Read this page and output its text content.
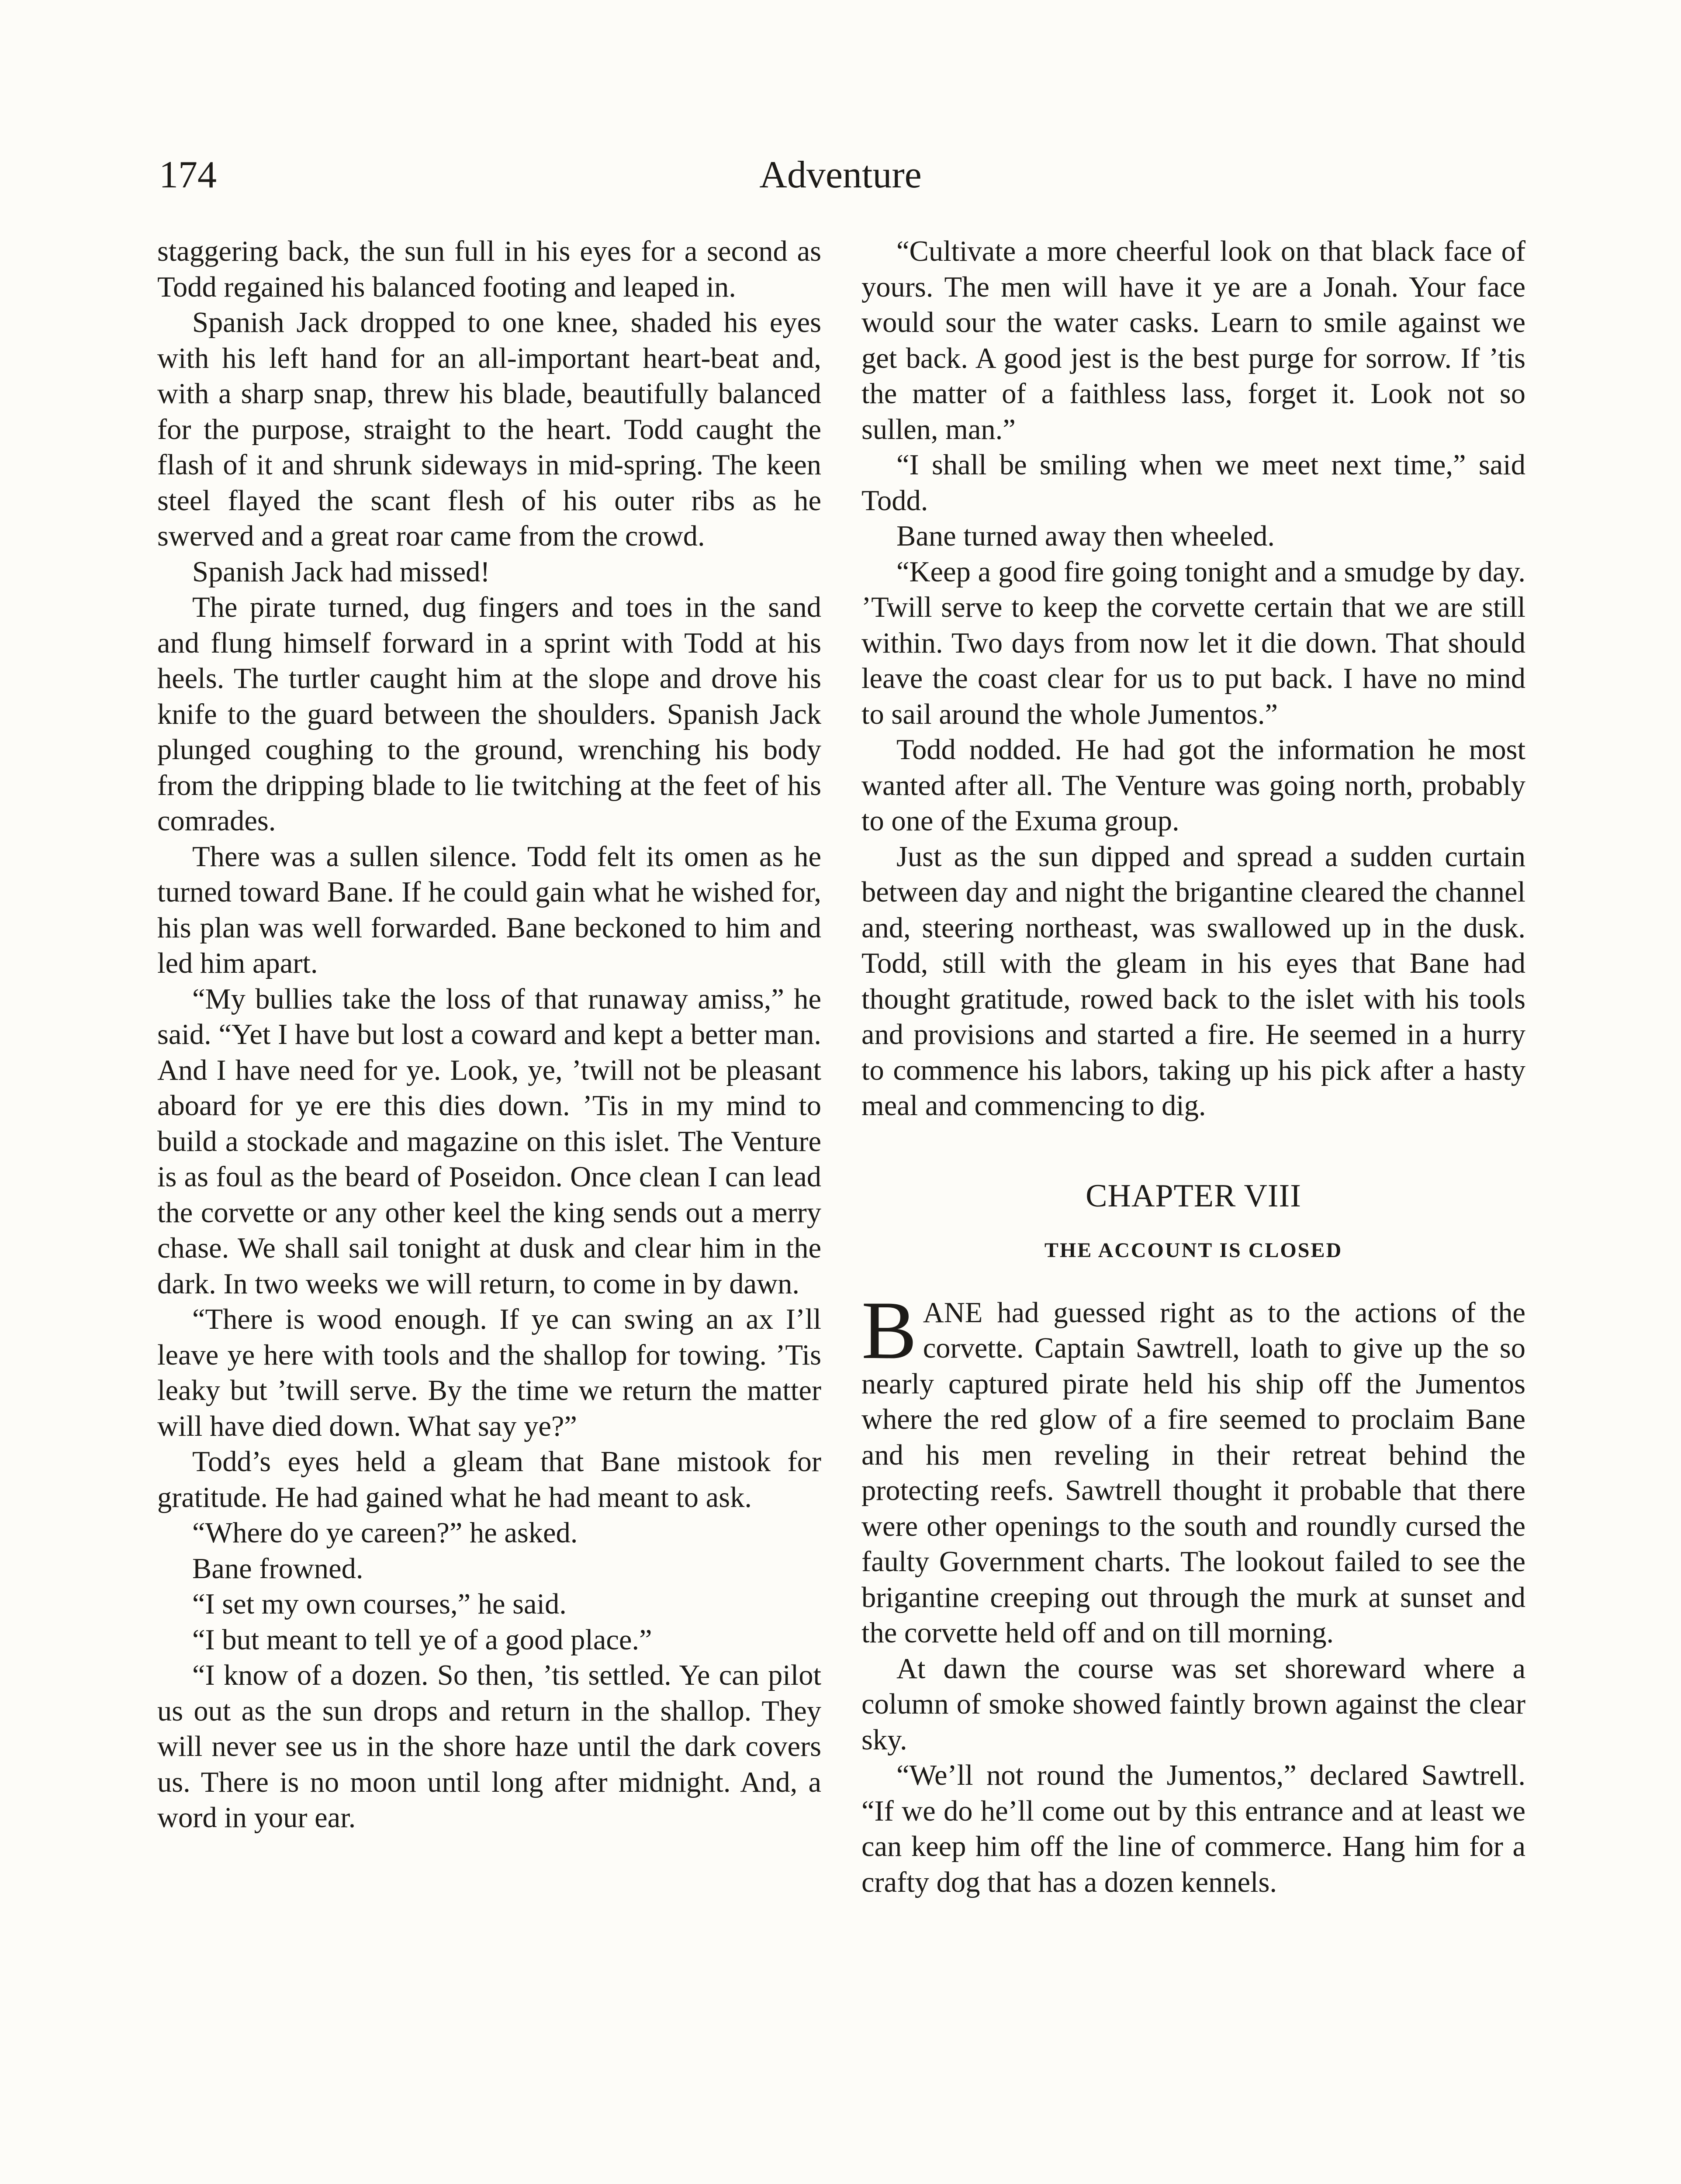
174	Adventure

staggering back, the sun full in his eyes for a second as Todd regained his balanced footing and leaped in.

Spanish Jack dropped to one knee, shaded his eyes with his left hand for an all-important heart-beat and, with a sharp snap, threw his blade, beautifully balanced for the purpose, straight to the heart. Todd caught the flash of it and shrunk sideways in mid-spring. The keen steel flayed the scant flesh of his outer ribs as he swerved and a great roar came from the crowd.

Spanish Jack had missed!

The pirate turned, dug fingers and toes in the sand and flung himself forward in a sprint with Todd at his heels. The turtler caught him at the slope and drove his knife to the guard between the shoulders. Spanish Jack plunged coughing to the ground, wrenching his body from the dripping blade to lie twitching at the feet of his comrades.

There was a sullen silence. Todd felt its omen as he turned toward Bane. If he could gain what he wished for, his plan was well forwarded. Bane beckoned to him and led him apart.

“My bullies take the loss of that runaway amiss,” he said. “Yet I have but lost a coward and kept a better man. And I have need for ye. Look, ye, ’twill not be pleasant aboard for ye ere this dies down. ’Tis in my mind to build a stockade and magazine on this islet. The Venture is as foul as the beard of Poseidon. Once clean I can lead the corvette or any other keel the king sends out a merry chase. We shall sail tonight at dusk and clear him in the dark. In two weeks we will return, to come in by dawn.

“There is wood enough. If ye can swing an ax I’ll leave ye here with tools and the shallop for towing. ’Tis leaky but ’twill serve. By the time we return the matter will have died down. What say ye?”

Todd’s eyes held a gleam that Bane mistook for gratitude. He had gained what he had meant to ask.

“Where do ye careen?” he asked.

Bane frowned.

“I set my own courses,” he said.

“I but meant to tell ye of a good place.”

“I know of a dozen. So then, ’tis settled. Ye can pilot us out as the sun drops and return in the shallop. They will never see us in the shore haze until the dark covers us. There is no moon until long after midnight. And, a word in your ear.

“Cultivate a more cheerful look on that black face of yours. The men will have it ye are a Jonah. Your face would sour the water casks. Learn to smile against we get back. A good jest is the best purge for sorrow. If ’tis the matter of a faithless lass, forget it. Look not so sullen, man.”

“I shall be smiling when we meet next time,” said Todd.

Bane turned away then wheeled.

“Keep a good fire going tonight and a smudge by day. ’Twill serve to keep the corvette certain that we are still within. Two days from now let it die down. That should leave the coast clear for us to put back. I have no mind to sail around the whole Jumentos.”

Todd nodded. He had got the information he most wanted after all. The Venture was going north, probably to one of the Exuma group.

Just as the sun dipped and spread a sudden curtain between day and night the brigantine cleared the channel and, steering northeast, was swallowed up in the dusk. Todd, still with the gleam in his eyes that Bane had thought gratitude, rowed back to the islet with his tools and provisions and started a fire. He seemed in a hurry to commence his labors, taking up his pick after a hasty meal and commencing to dig.

CHAPTER VIII
THE ACCOUNT IS CLOSED

BANE had guessed right as to the actions of the corvette. Captain Sawtrell, loath to give up the so nearly captured pirate held his ship off the Jumentos where the red glow of a fire seemed to proclaim Bane and his men reveling in their retreat behind the protecting reefs. Sawtrell thought it probable that there were other openings to the south and roundly cursed the faulty Government charts. The lookout failed to see the brigantine creeping out through the murk at sunset and the corvette held off and on till morning.

At dawn the course was set shoreward where a column of smoke showed faintly brown against the clear sky.

“We’ll not round the Jumentos,” declared Sawtrell. “If we do he’ll come out by this entrance and at least we can keep him off the line of commerce. Hang him for a crafty dog that has a dozen kennels.
